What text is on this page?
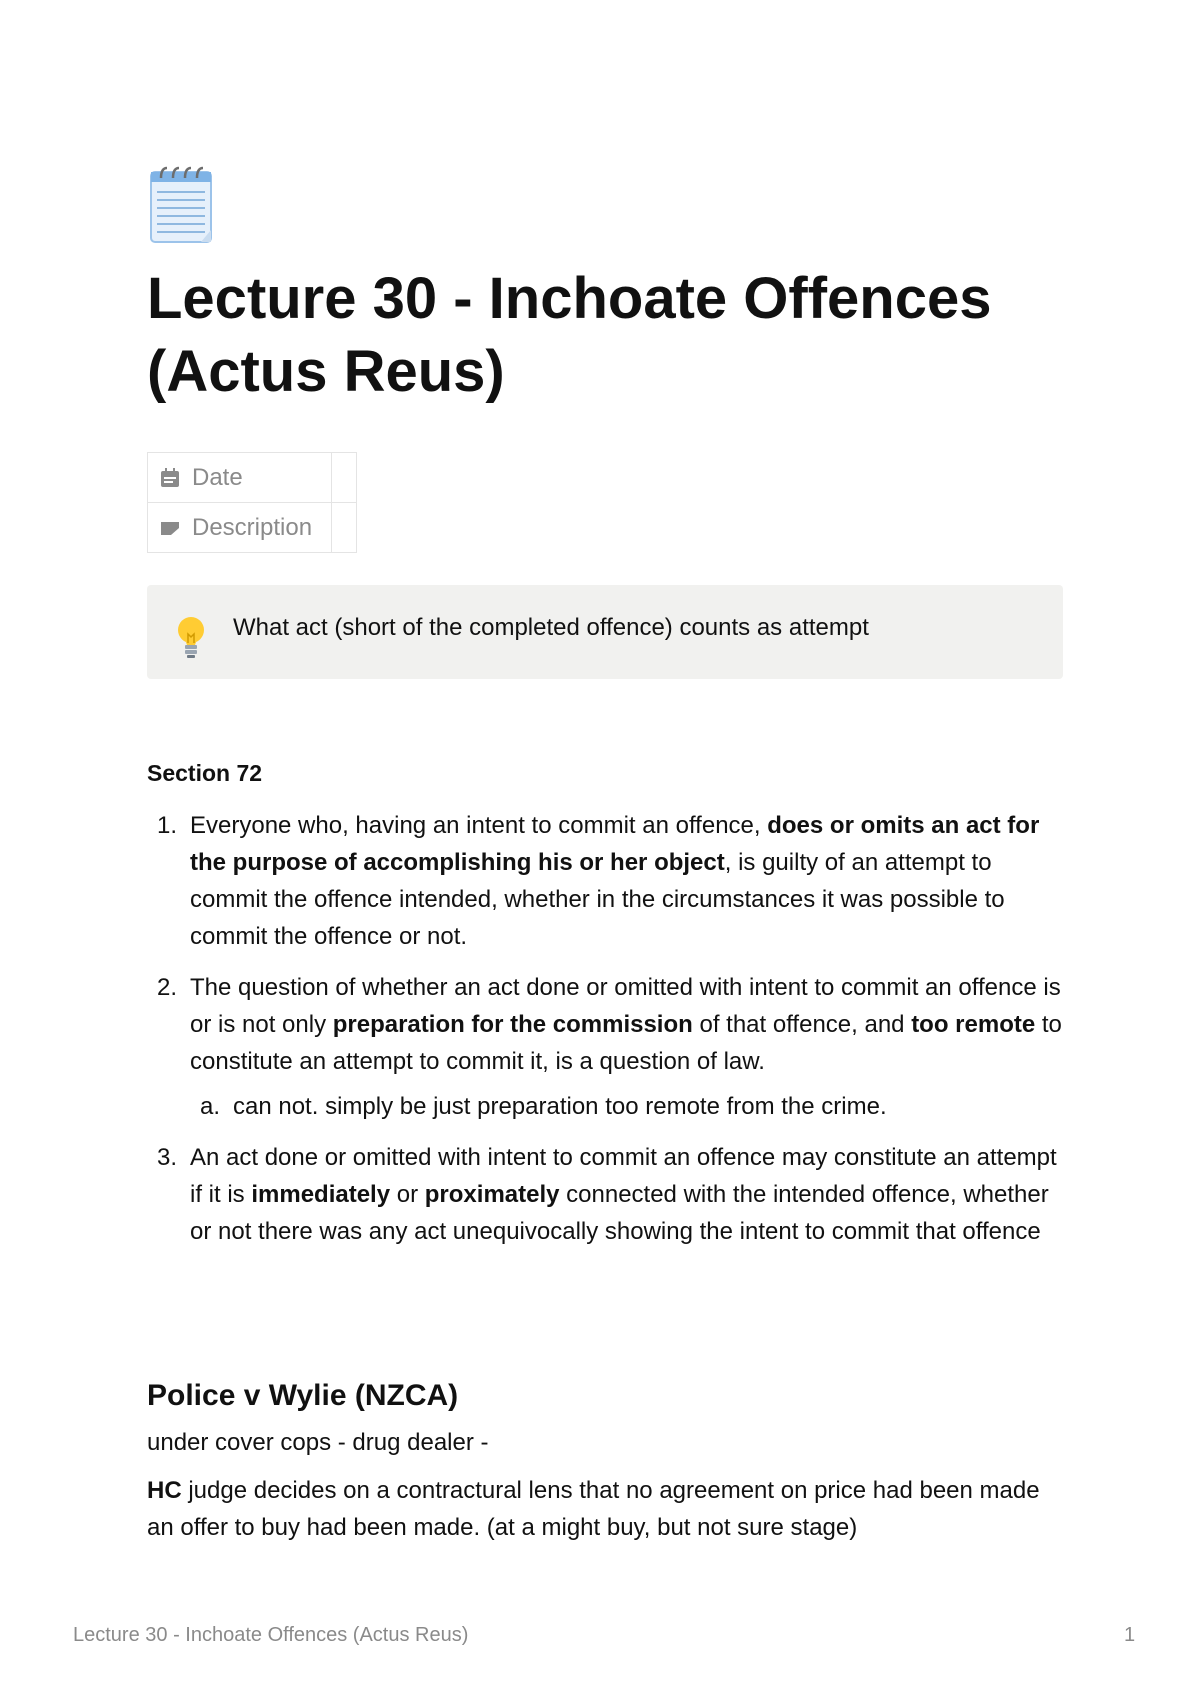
Lecture 30 - Inchoate Offences (Actus Reus)
Date	

Description	

What act (short of the completed offence) counts as attempt
Section 72
1. Everyone who, having an intent to commit an offence, does or omits an act for the purpose of accomplishing his or her object, is guilty of an attempt to commit the offence intended, whether in the circumstances it was possible to commit the offence or not.
2. The question of whether an act done or omitted with intent to commit an offence is or is not only preparation for the commission of that offence, and too remote to constitute an attempt to commit it, is a question of law.
a. can not. simply be just preparation too remote from the crime.
3. An act done or omitted with intent to commit an offence may constitute an attempt if it is immediately or proximately connected with the intended offence, whether or not there was any act unequivocally showing the intent to commit that offence
Police v Wylie (NZCA)
under cover cops - drug dealer -
HC judge decides on a contractural lens that no agreement on price had been made an offer to buy had been made. (at a might buy, but not sure stage)
Lecture 30 - Inchoate Offences (Actus Reus)	1
